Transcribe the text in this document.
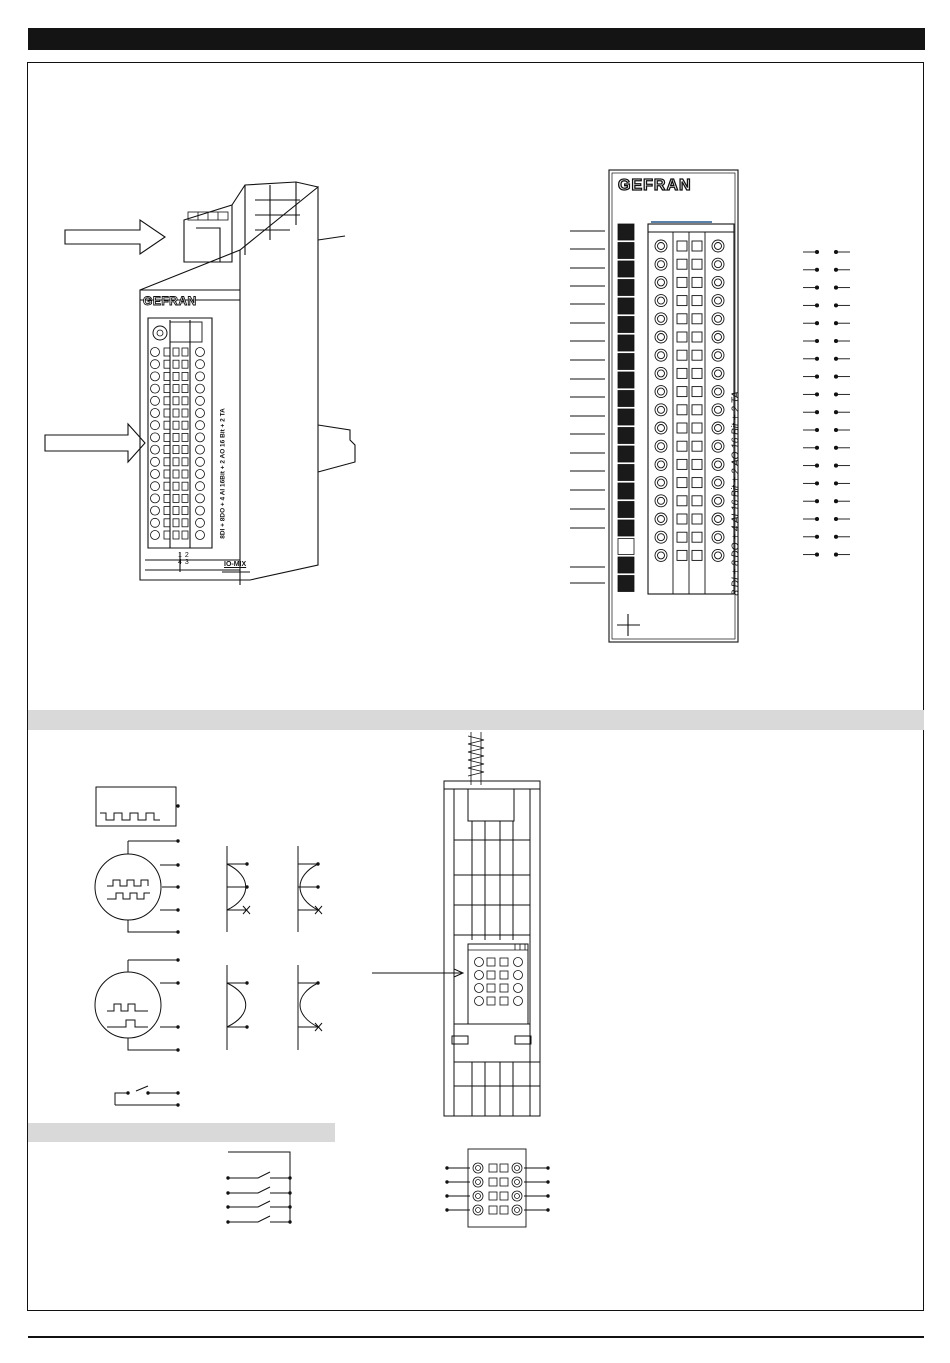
GEFRAN
8DI + 8DO + 4 AI 16Bit + 2 AO 16 Bit + 2 TA
1 2
4 3	IO-MIX
GEFRAN
8 DI + 8 DO + 4 AI 16 Bit + 2 AO 16 Bit + 2 TA
